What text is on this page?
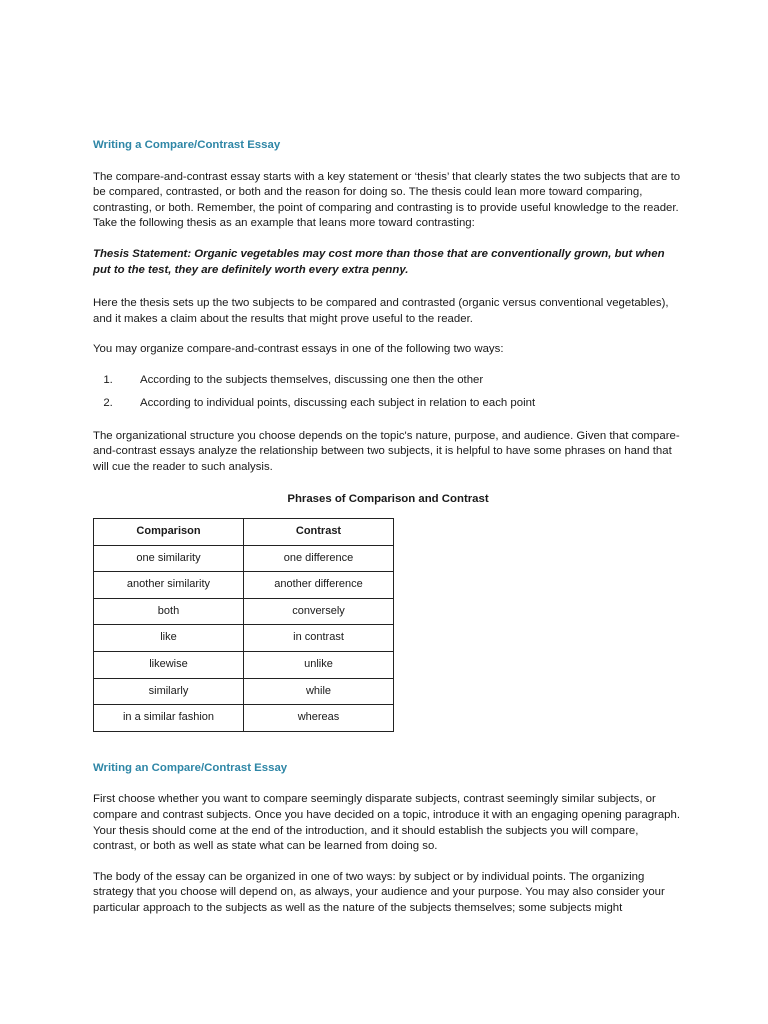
Writing a Compare/Contrast Essay

The compare-and-contrast essay starts with a key statement or ‘thesis’ that clearly states the two subjects that are to be compared, contrasted, or both and the reason for doing so. The thesis could lean more toward comparing, contrasting, or both. Remember, the point of comparing and contrasting is to provide useful knowledge to the reader. Take the following thesis as an example that leans more toward contrasting:

Thesis Statement: Organic vegetables may cost more than those that are conventionally grown, but when put to the test, they are definitely worth every extra penny.

Here the thesis sets up the two subjects to be compared and contrasted (organic versus conventional vegetables), and it makes a claim about the results that might prove useful to the reader.

You may organize compare-and-contrast essays in one of the following two ways:

1. According to the subjects themselves, discussing one then the other
2. According to individual points, discussing each subject in relation to each point

The organizational structure you choose depends on the topic's nature, purpose, and audience. Given that compare-and-contrast essays analyze the relationship between two subjects, it is helpful to have some phrases on hand that will cue the reader to such analysis.

Phrases of Comparison and Contrast
Comparison	Contrast
one similarity	one difference
another similarity	another difference
both	conversely
like	in contrast
likewise	unlike
similarly	while
in a similar fashion	whereas
Writing an Compare/Contrast Essay

First choose whether you want to compare seemingly disparate subjects, contrast seemingly similar subjects, or compare and contrast subjects. Once you have decided on a topic, introduce it with an engaging opening paragraph. Your thesis should come at the end of the introduction, and it should establish the subjects you will compare, contrast, or both as well as state what can be learned from doing so.

The body of the essay can be organized in one of two ways: by subject or by individual points. The organizing strategy that you choose will depend on, as always, your audience and your purpose. You may also consider your particular approach to the subjects as well as the nature of the subjects themselves; some subjects might
